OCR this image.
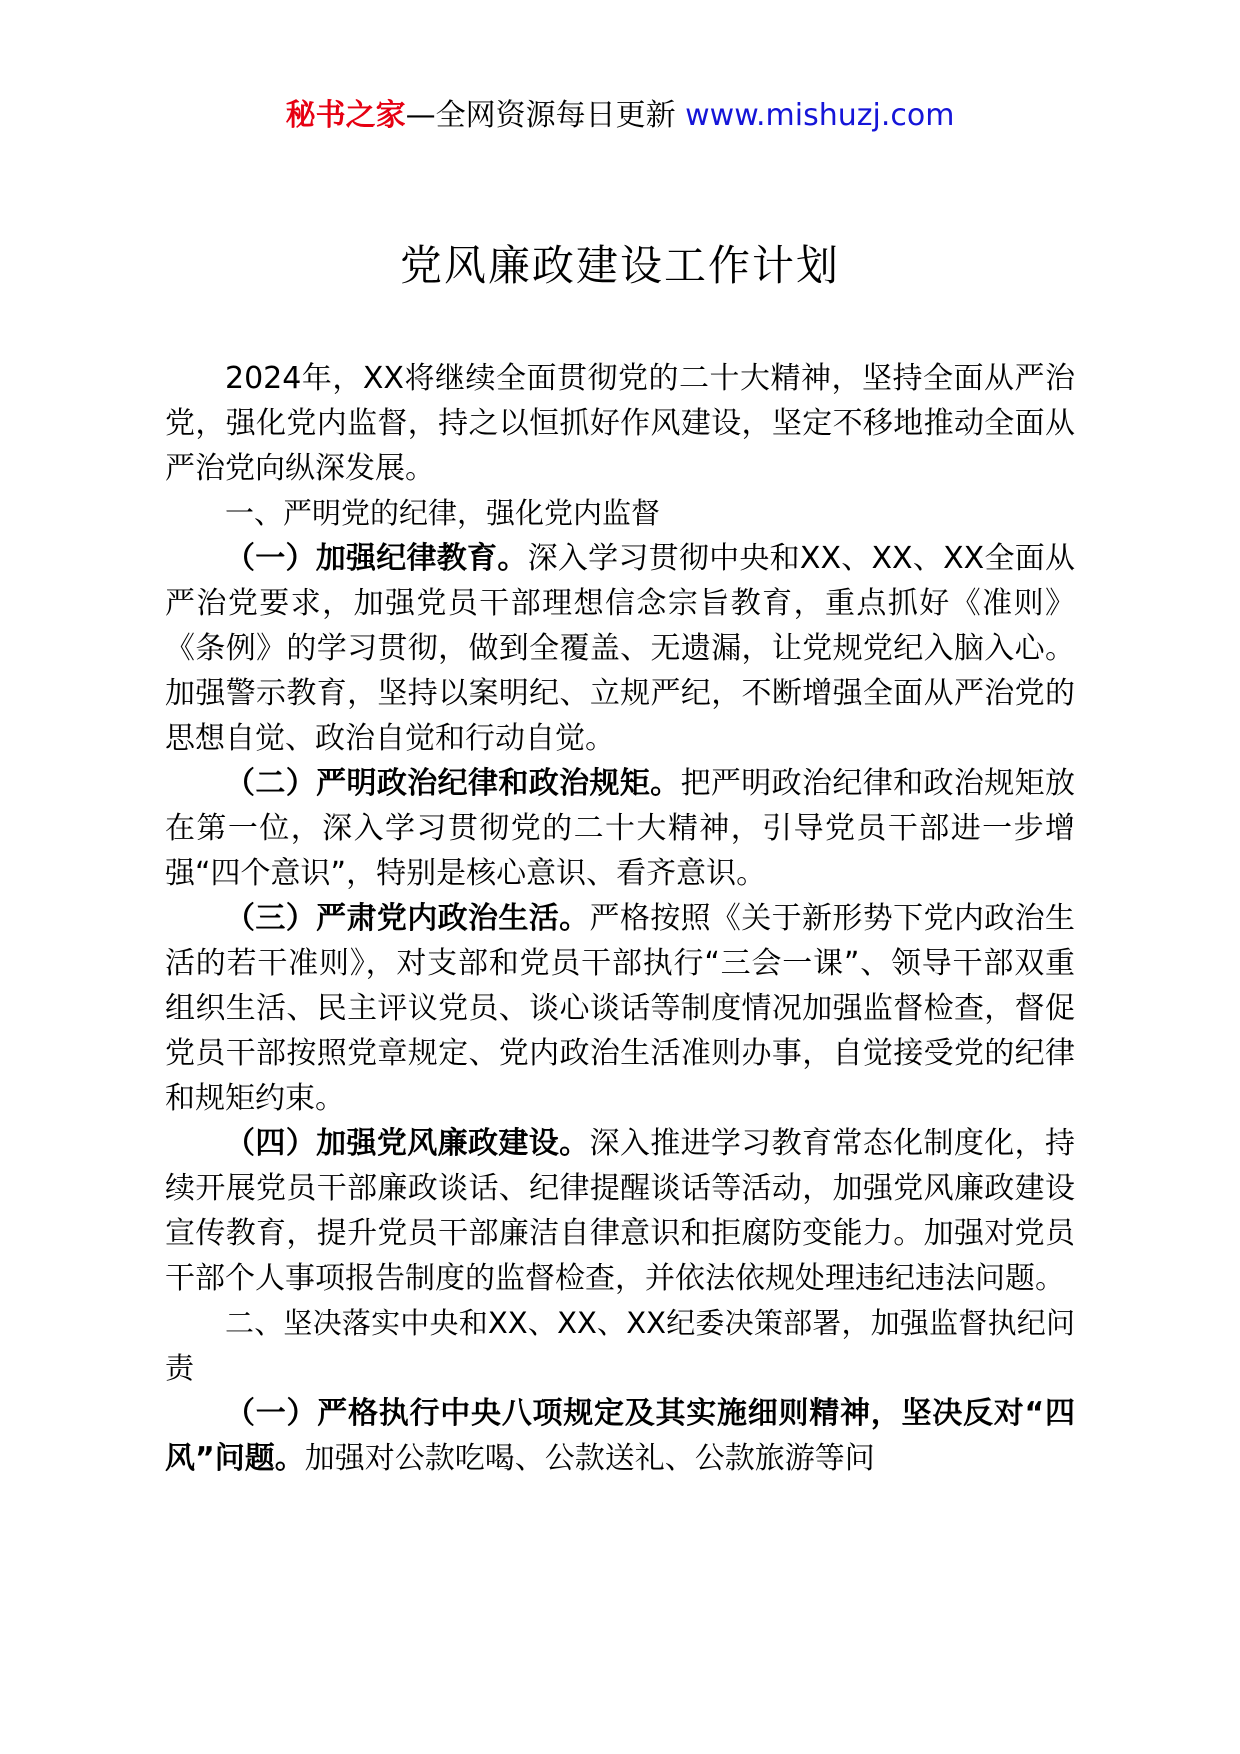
秘书之家—全网资源每日更新 www.mishuzj.com
党风廉政建设工作计划

2024年，XX将继续全面贯彻党的二十大精神，坚持全面从严治党，强化党内监督，持之以恒抓好作风建设，坚定不移地推动全面从严治党向纵深发展。

一、严明党的纪律，强化党内监督

（一）加强纪律教育。深入学习贯彻中央和XX、XX、XX全面从严治党要求，加强党员干部理想信念宗旨教育，重点抓好《准则》《条例》的学习贯彻，做到全覆盖、无遗漏，让党规党纪入脑入心。加强警示教育，坚持以案明纪、立规严纪，不断增强全面从严治党的思想自觉、政治自觉和行动自觉。

（二）严明政治纪律和政治规矩。把严明政治纪律和政治规矩放在第一位，深入学习贯彻党的二十大精神，引导党员干部进一步增强“四个意识”，特别是核心意识、看齐意识。

（三）严肃党内政治生活。严格按照《关于新形势下党内政治生活的若干准则》，对支部和党员干部执行“三会一课”、领导干部双重组织生活、民主评议党员、谈心谈话等制度情况加强监督检查，督促党员干部按照党章规定、党内政治生活准则办事，自觉接受党的纪律和规矩约束。

（四）加强党风廉政建设。深入推进学习教育常态化制度化，持续开展党员干部廉政谈话、纪律提醒谈话等活动，加强党风廉政建设宣传教育，提升党员干部廉洁自律意识和拒腐防变能力。加强对党员干部个人事项报告制度的监督检查，并依法依规处理违纪违法问题。

二、坚决落实中央和XX、XX、XX纪委决策部署，加强监督执纪问责

（一）严格执行中央八项规定及其实施细则精神，坚决反对“四风”问题。加强对公款吃喝、公款送礼、公款旅游等问
